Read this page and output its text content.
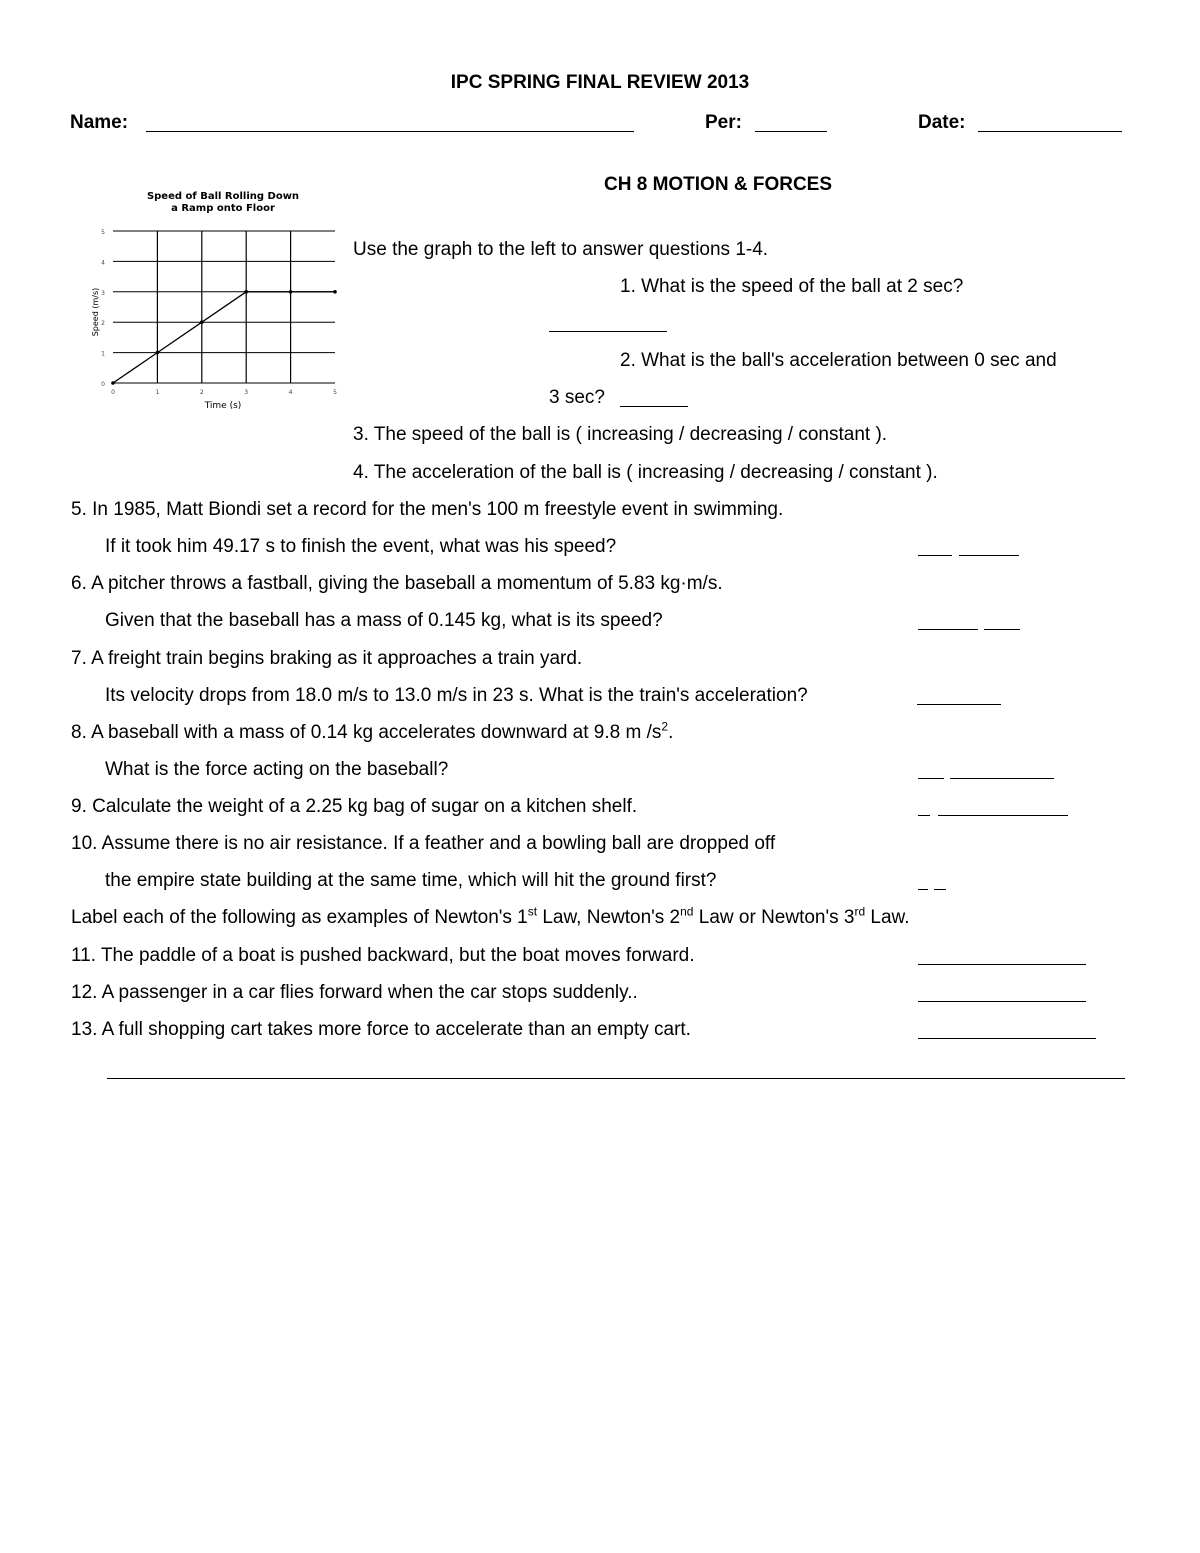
IPC SPRING FINAL REVIEW 2013
Name:	Per:	Date:
Speed of Ball Rolling Down
a Ramp onto Floor
0
1
2
3
4
5
0	1	2	3	4	5
Speed (m/s)
Time (s)
CH 8 MOTION & FORCES
Use the graph to the left to answer questions 1-4.
1. What is the speed of the ball at 2 sec?
2. What is the ball's acceleration between 0 sec and
3 sec?
3. The speed of the ball is ( increasing / decreasing / constant ).
4. The acceleration of the ball is ( increasing / decreasing / constant ).
5. In 1985, Matt Biondi set a record for the men's 100 m freestyle event in swimming.
If it took him 49.17 s to finish the event, what was his speed?
6. A pitcher throws a fastball, giving the baseball a momentum of 5.83 kg·m/s.
Given that the baseball has a mass of 0.145 kg, what is its speed?
7. A freight train begins braking as it approaches a train yard.
Its velocity drops from 18.0 m/s to 13.0 m/s in 23 s. What is the train's acceleration?
8. A baseball with a mass of 0.14 kg accelerates downward at 9.8 m $/s^2$.
What is the force acting on the baseball?
9. Calculate the weight of a 2.25 kg bag of sugar on a kitchen shelf.
10. Assume there is no air resistance. If a feather and a bowling ball are dropped off
the empire state building at the same time, which will hit the ground first?
Label each of the following as examples of Newton's 1st Law, Newton's 2nd Law or Newton's 3rd Law.
11. The paddle of a boat is pushed backward, but the boat moves forward.
12. A passenger in a car flies forward when the car stops suddenly..
13. A full shopping cart takes more force to accelerate than an empty cart.
